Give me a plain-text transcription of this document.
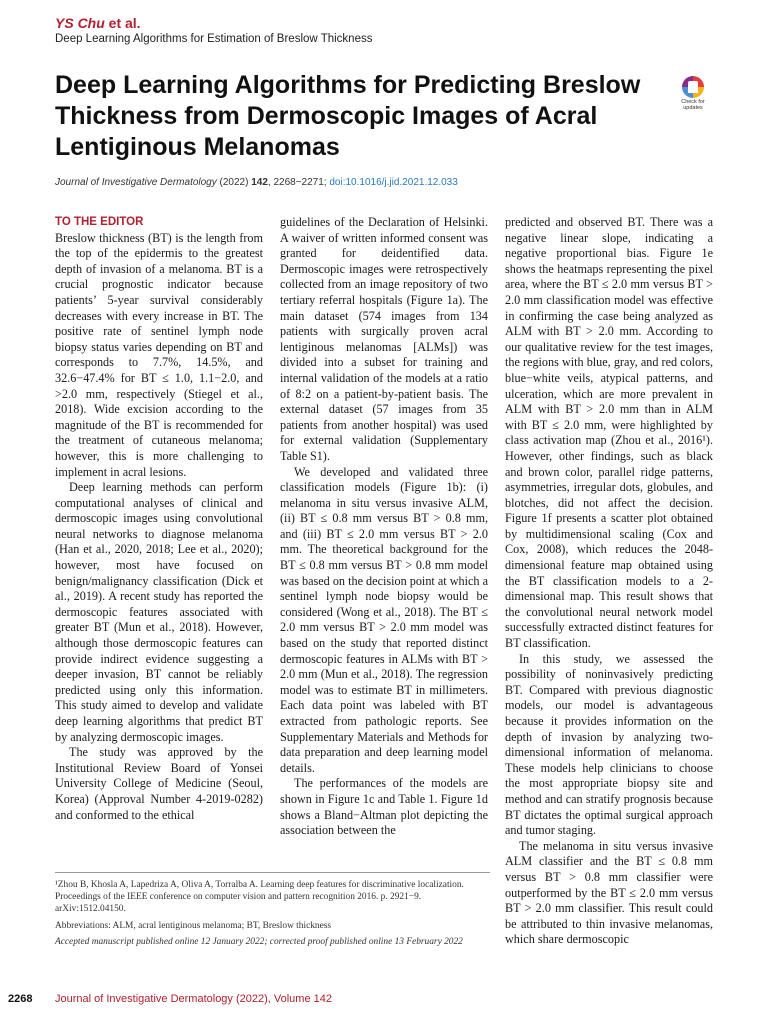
YS Chu et al.
Deep Learning Algorithms for Estimation of Breslow Thickness
Deep Learning Algorithms for Predicting Breslow Thickness from Dermoscopic Images of Acral Lentiginous Melanomas
Check for
updates
Journal of Investigative Dermatology (2022) 142, 2268−2271; doi:10.1016/j.jid.2021.12.033
TO THE EDITOR

Breslow thickness (BT) is the length from the top of the epidermis to the greatest depth of invasion of a melanoma. BT is a crucial prognostic indicator because patients’ 5-year survival considerably decreases with every increase in BT. The positive rate of sentinel lymph node biopsy status varies depending on BT and corresponds to 7.7%, 14.5%, and 32.6−47.4% for BT ≤ 1.0, 1.1−2.0, and >2.0 mm, respectively (Stiegel et al., 2018). Wide excision according to the magnitude of the BT is recommended for the treatment of cutaneous melanoma; however, this is more challenging to implement in acral lesions.

Deep learning methods can perform computational analyses of clinical and dermoscopic images using convolutional neural networks to diagnose melanoma (Han et al., 2020, 2018; Lee et al., 2020); however, most have focused on benign/malignancy classification (Dick et al., 2019). A recent study has reported the dermoscopic features associated with greater BT (Mun et al., 2018). However, although those dermoscopic features can provide indirect evidence suggesting a deeper invasion, BT cannot be reliably predicted using only this information. This study aimed to develop and validate deep learning algorithms that predict BT by analyzing dermoscopic images.

The study was approved by the Institutional Review Board of Yonsei University College of Medicine (Seoul, Korea) (Approval Number 4-2019-0282) and conformed to the ethical

guidelines of the Declaration of Helsinki. A waiver of written informed consent was granted for deidentified data. Dermoscopic images were retrospectively collected from an image repository of two tertiary referral hospitals (Figure 1a). The main dataset (574 images from 134 patients with surgically proven acral lentiginous melanomas [ALMs]) was divided into a subset for training and internal validation of the models at a ratio of 8:2 on a patient-by-patient basis. The external dataset (57 images from 35 patients from another hospital) was used for external validation (Supplementary Table S1).

We developed and validated three classification models (Figure 1b): (i) melanoma in situ versus invasive ALM, (ii) BT ≤ 0.8 mm versus BT > 0.8 mm, and (iii) BT ≤ 2.0 mm versus BT > 2.0 mm. The theoretical background for the BT ≤ 0.8 mm versus BT > 0.8 mm model was based on the decision point at which a sentinel lymph node biopsy would be considered (Wong et al., 2018). The BT ≤ 2.0 mm versus BT > 2.0 mm model was based on the study that reported distinct dermoscopic features in ALMs with BT > 2.0 mm (Mun et al., 2018). The regression model was to estimate BT in millimeters. Each data point was labeled with BT extracted from pathologic reports. See Supplementary Materials and Methods for data preparation and deep learning model details.

The performances of the models are shown in Figure 1c and Table 1. Figure 1d shows a Bland−Altman plot depicting the association between the

predicted and observed BT. There was a negative linear slope, indicating a negative proportional bias. Figure 1e shows the heatmaps representing the pixel area, where the BT ≤ 2.0 mm versus BT > 2.0 mm classification model was effective in confirming the case being analyzed as ALM with BT > 2.0 mm. According to our qualitative review for the test images, the regions with blue, gray, and red colors, blue−white veils, atypical patterns, and ulceration, which are more prevalent in ALM with BT > 2.0 mm than in ALM with BT ≤ 2.0 mm, were highlighted by class activation map (Zhou et al., 2016¹). However, other findings, such as black and brown color, parallel ridge patterns, asymmetries, irregular dots, globules, and blotches, did not affect the decision. Figure 1f presents a scatter plot obtained by multidimensional scaling (Cox and Cox, 2008), which reduces the 2048-dimensional feature map obtained using the BT classification models to a 2-dimensional map. This result shows that the convolutional neural network model successfully extracted distinct features for BT classification.

In this study, we assessed the possibility of noninvasively predicting BT. Compared with previous diagnostic models, our model is advantageous because it provides information on the depth of invasion by analyzing two-dimensional information of melanoma. These models help clinicians to choose the most appropriate biopsy site and method and can stratify prognosis because BT dictates the optimal surgical approach and tumor staging.

The melanoma in situ versus invasive ALM classifier and the BT ≤ 0.8 mm versus BT > 0.8 mm classifier were outperformed by the BT ≤ 2.0 mm versus BT > 2.0 mm classifier. This result could be attributed to thin invasive melanomas, which share dermoscopic

¹Zhou B, Khosla A, Lapedriza A, Oliva A, Torralba A. Learning deep features for discriminative localization. Proceedings of the IEEE conference on computer vision and pattern recognition 2016. p. 2921−9. arXiv:1512.04150.
Abbreviations: ALM, acral lentiginous melanoma; BT, Breslow thickness
Accepted manuscript published online 12 January 2022; corrected proof published online 13 February 2022
2268 Journal of Investigative Dermatology (2022), Volume 142
